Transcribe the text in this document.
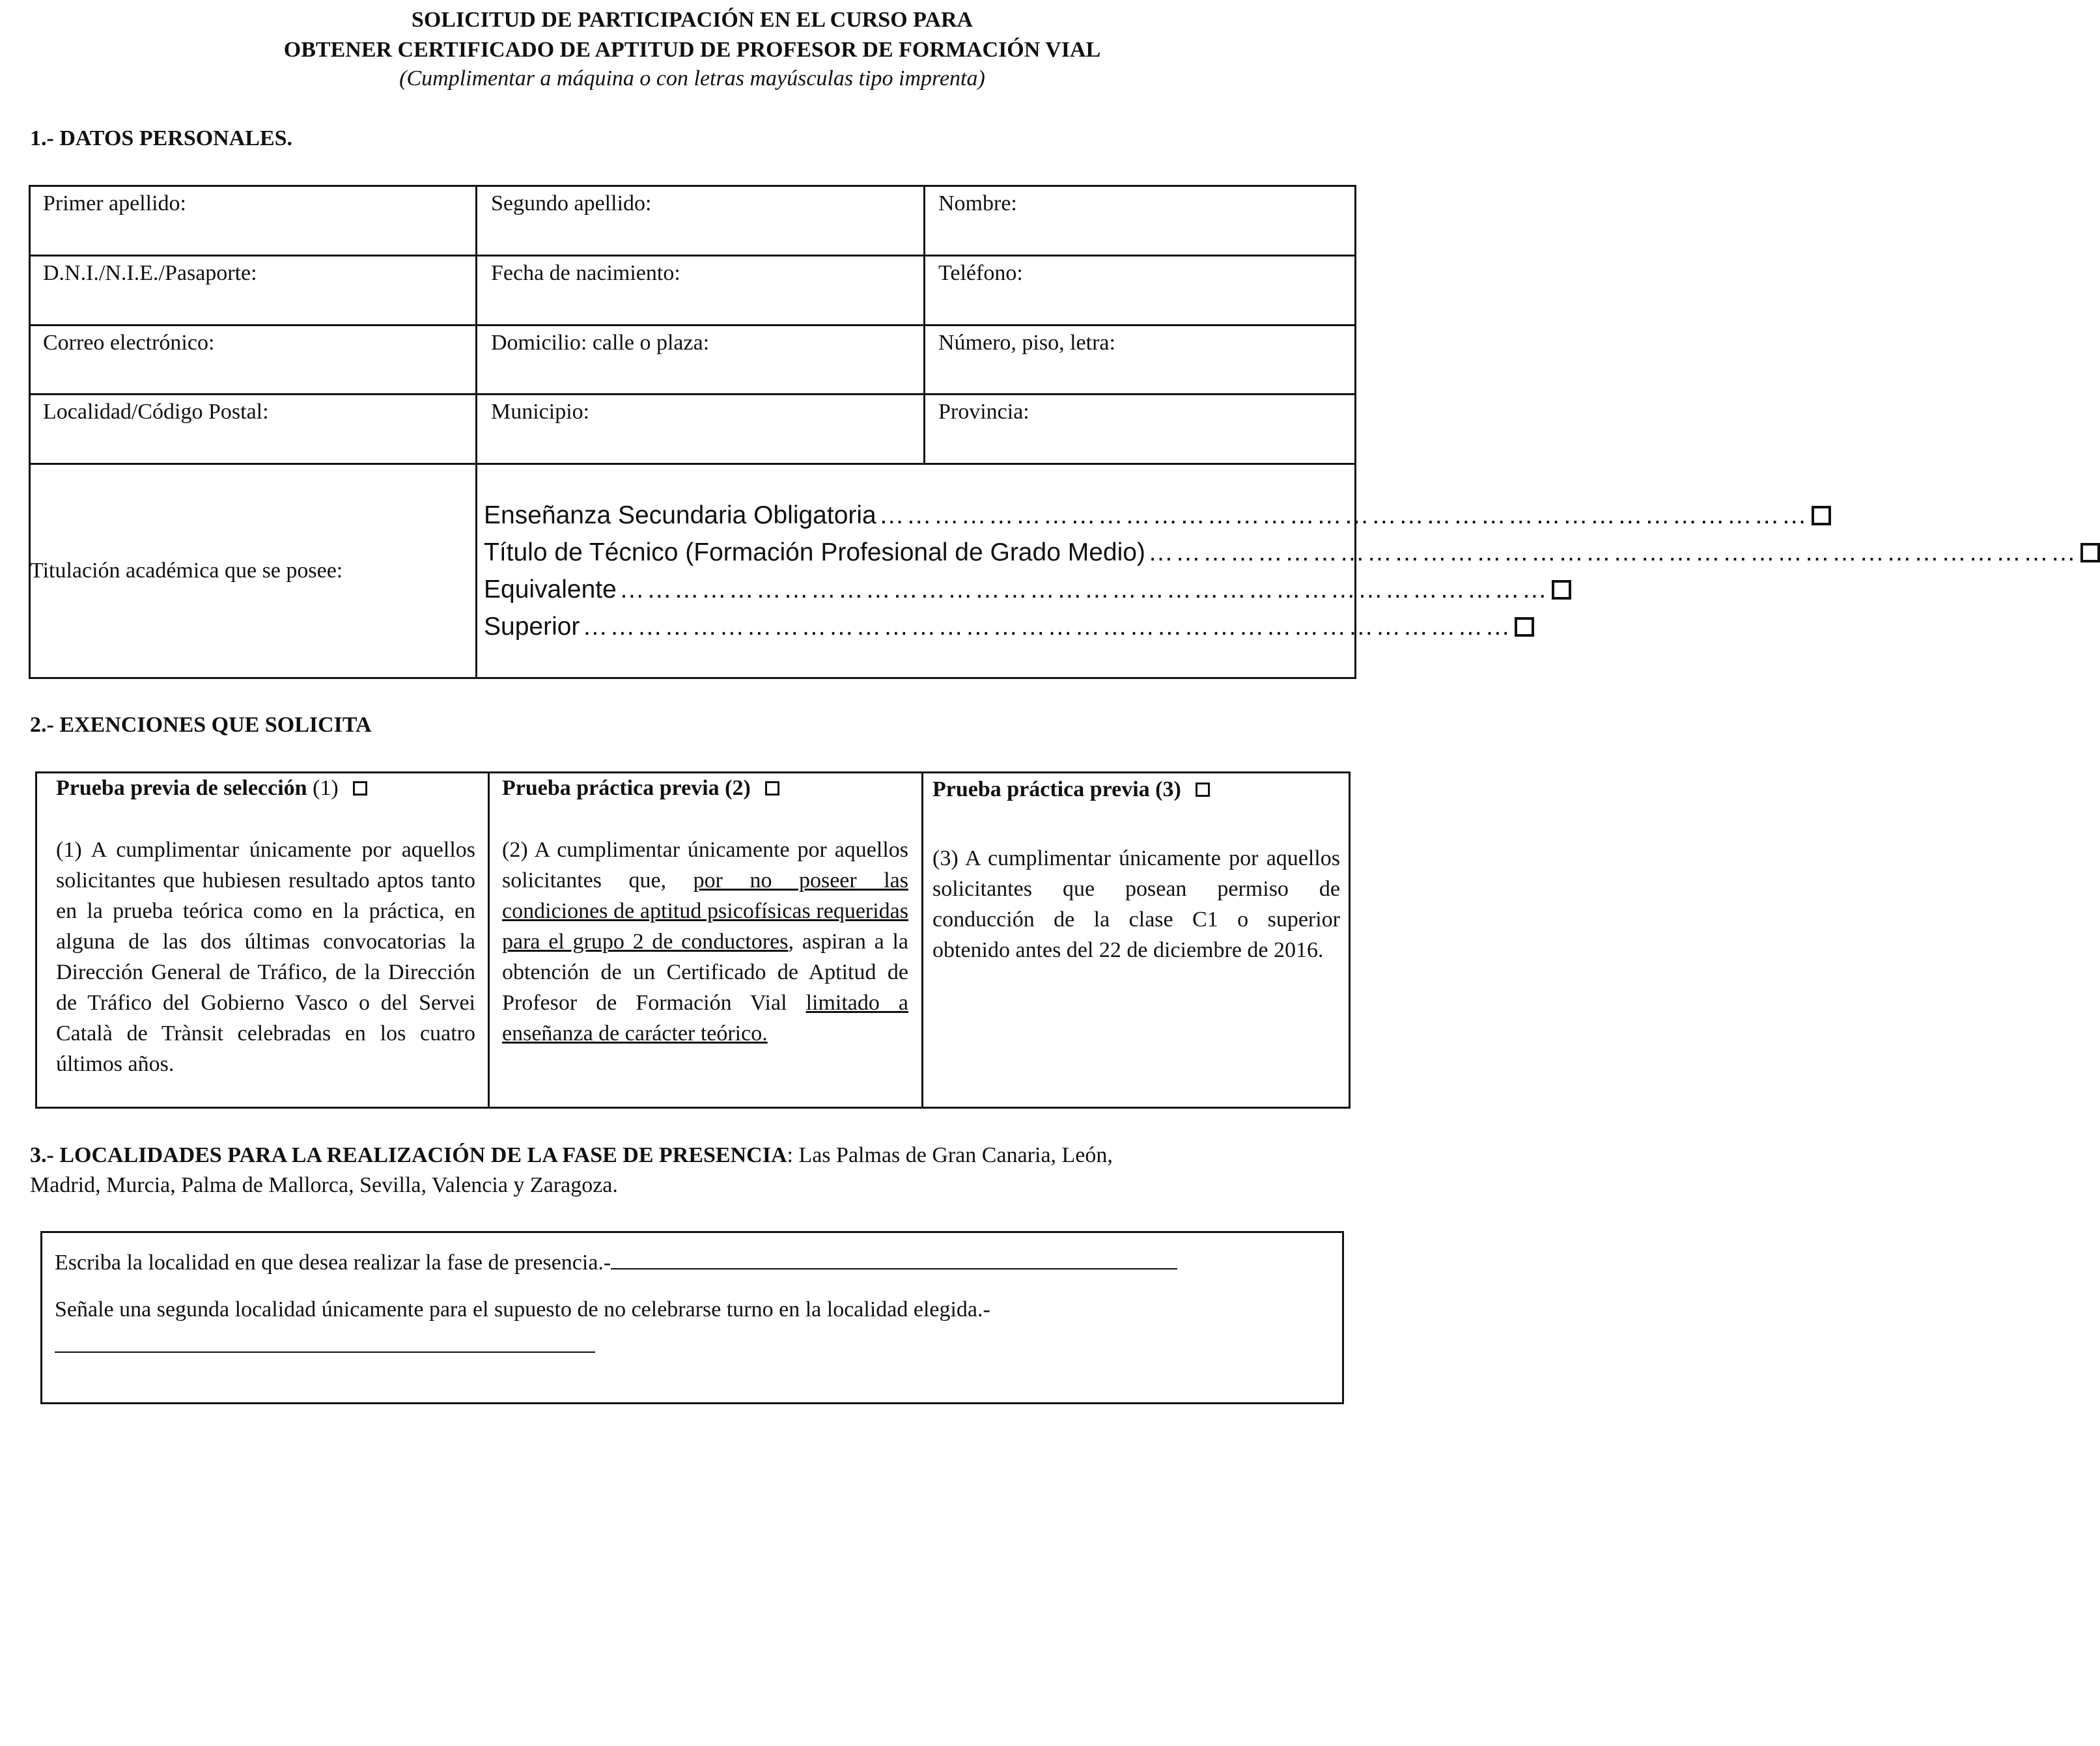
SOLICITUD DE PARTICIPACIÓN EN EL CURSO PARA
OBTENER CERTIFICADO DE APTITUD DE PROFESOR DE FORMACIÓN VIAL
(Cumplimentar a máquina o con letras mayúsculas tipo imprenta)
1.- DATOS PERSONALES.
Primer apellido:	Segundo apellido:	Nombre:
D.N.I./N.I.E./Pasaporte:	Fecha de nacimiento:	Teléfono:
Correo electrónico:	Domicilio: calle o plaza:	Número, piso, letra:
Localidad/Código Postal:	Municipio:	Provincia:
Titulación académica que se posee:
Enseñanza Secundaria Obligatoria …………………………………………………………………………………………
Título de Técnico (Formación Profesional de Grado Medio) …………………………………………………………………………………………
Equivalente …………………………………………………………………………………………
Superior …………………………………………………………………………………………
2.- EXENCIONES QUE SOLICITA
Prueba previa de selección (1)	Prueba práctica previa (2)	Prueba práctica previa (3)
(1) A cumplimentar únicamente por aquellos solicitantes que hubiesen resultado aptos tanto en la prueba teórica como en la práctica, en alguna de las dos últimas convocatorias la Dirección General de Tráfico, de la Dirección de Tráfico del Gobierno Vasco o del Servei Català de Trànsit celebradas en los cuatro últimos años.
(2) A cumplimentar únicamente por aquellos solicitantes que, por no poseer las condiciones de aptitud psicofísicas requeridas para el grupo 2 de conductores, aspiran a la obtención de un Certificado de Aptitud de Profesor de Formación Vial limitado a enseñanza de carácter teórico.
(3) A cumplimentar únicamente por aquellos solicitantes que posean permiso de conducción de la clase C1 o superior obtenido antes del 22 de diciembre de 2016.
3.- LOCALIDADES PARA LA REALIZACIÓN DE LA FASE DE PRESENCIA: Las Palmas de Gran Canaria, León,
Madrid, Murcia, Palma de Mallorca, Sevilla, Valencia y Zaragoza.
Escriba la localidad en que desea realizar la fase de presencia.-
Señale una segunda localidad únicamente para el supuesto de no celebrarse turno en la localidad elegida.-
